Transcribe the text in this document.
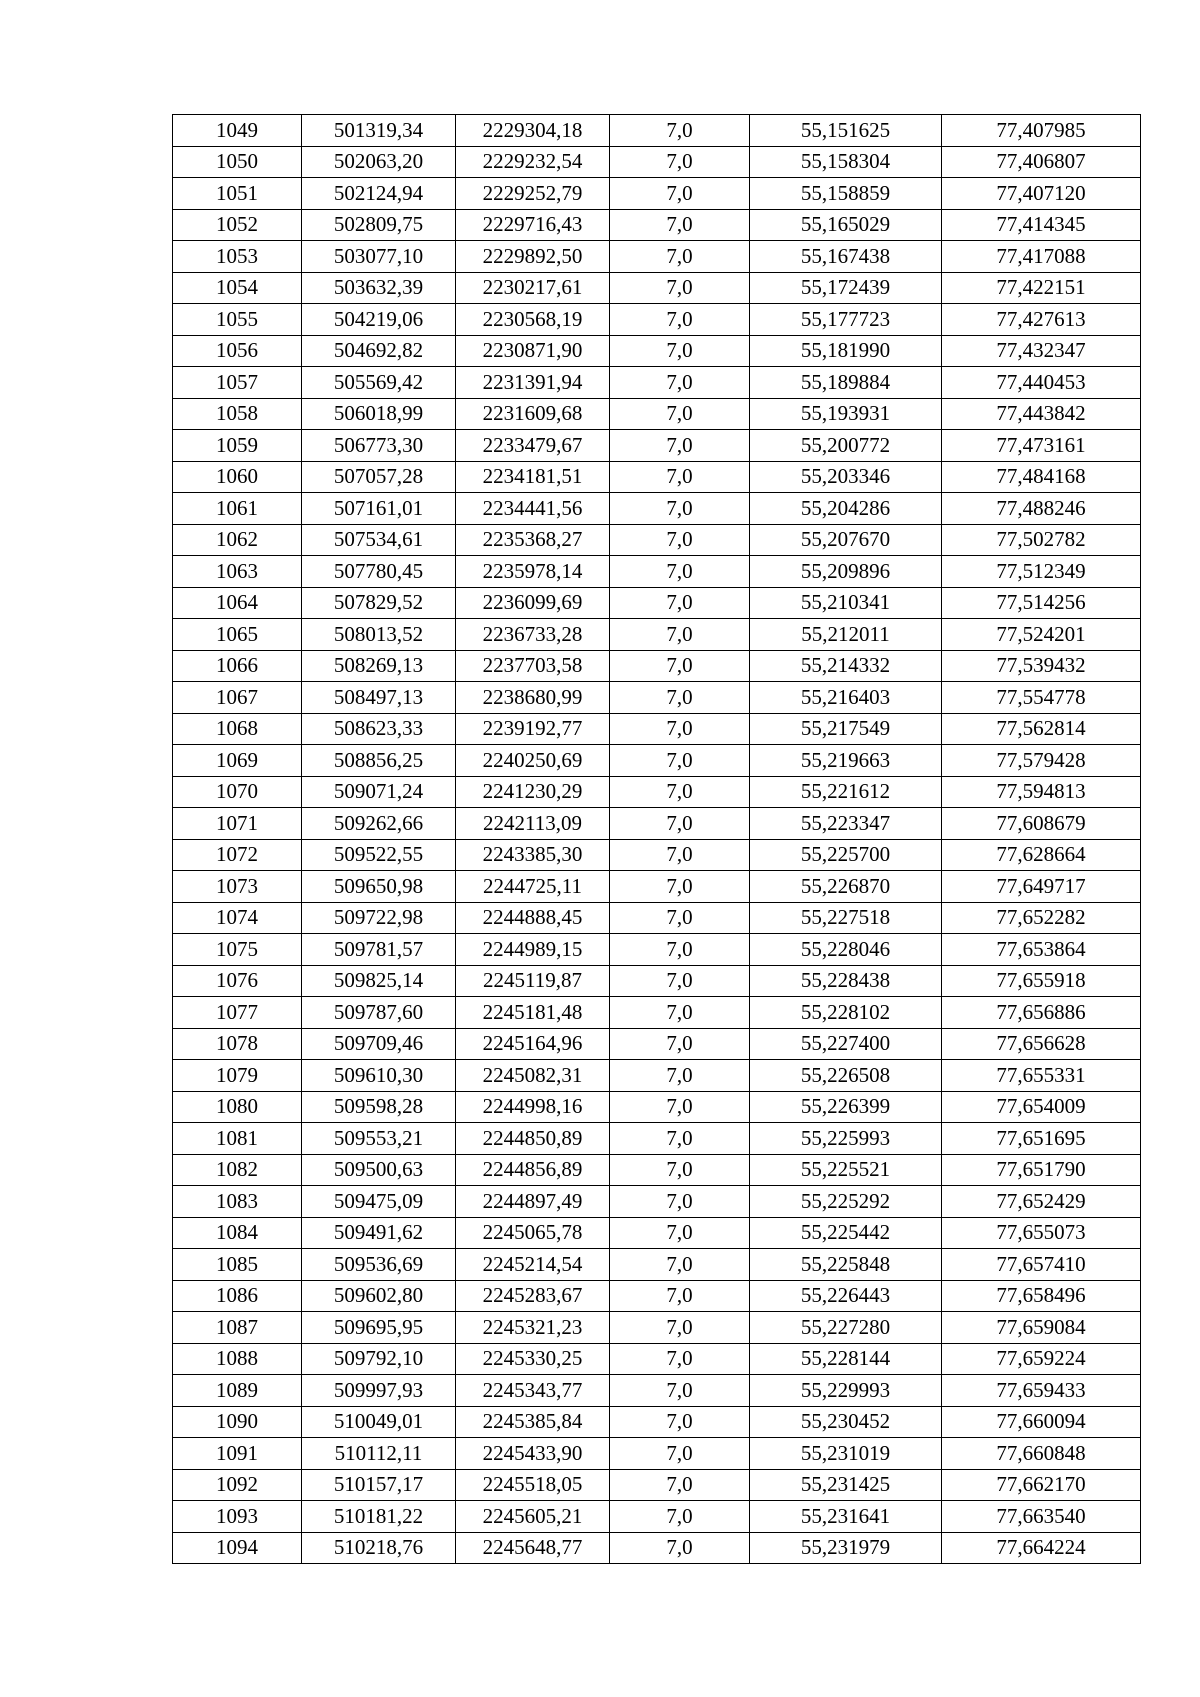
1049	501319,34	2229304,18	7,0	55,151625	77,407985
1050	502063,20	2229232,54	7,0	55,158304	77,406807
1051	502124,94	2229252,79	7,0	55,158859	77,407120
1052	502809,75	2229716,43	7,0	55,165029	77,414345
1053	503077,10	2229892,50	7,0	55,167438	77,417088
1054	503632,39	2230217,61	7,0	55,172439	77,422151
1055	504219,06	2230568,19	7,0	55,177723	77,427613
1056	504692,82	2230871,90	7,0	55,181990	77,432347
1057	505569,42	2231391,94	7,0	55,189884	77,440453
1058	506018,99	2231609,68	7,0	55,193931	77,443842
1059	506773,30	2233479,67	7,0	55,200772	77,473161
1060	507057,28	2234181,51	7,0	55,203346	77,484168
1061	507161,01	2234441,56	7,0	55,204286	77,488246
1062	507534,61	2235368,27	7,0	55,207670	77,502782
1063	507780,45	2235978,14	7,0	55,209896	77,512349
1064	507829,52	2236099,69	7,0	55,210341	77,514256
1065	508013,52	2236733,28	7,0	55,212011	77,524201
1066	508269,13	2237703,58	7,0	55,214332	77,539432
1067	508497,13	2238680,99	7,0	55,216403	77,554778
1068	508623,33	2239192,77	7,0	55,217549	77,562814
1069	508856,25	2240250,69	7,0	55,219663	77,579428
1070	509071,24	2241230,29	7,0	55,221612	77,594813
1071	509262,66	2242113,09	7,0	55,223347	77,608679
1072	509522,55	2243385,30	7,0	55,225700	77,628664
1073	509650,98	2244725,11	7,0	55,226870	77,649717
1074	509722,98	2244888,45	7,0	55,227518	77,652282
1075	509781,57	2244989,15	7,0	55,228046	77,653864
1076	509825,14	2245119,87	7,0	55,228438	77,655918
1077	509787,60	2245181,48	7,0	55,228102	77,656886
1078	509709,46	2245164,96	7,0	55,227400	77,656628
1079	509610,30	2245082,31	7,0	55,226508	77,655331
1080	509598,28	2244998,16	7,0	55,226399	77,654009
1081	509553,21	2244850,89	7,0	55,225993	77,651695
1082	509500,63	2244856,89	7,0	55,225521	77,651790
1083	509475,09	2244897,49	7,0	55,225292	77,652429
1084	509491,62	2245065,78	7,0	55,225442	77,655073
1085	509536,69	2245214,54	7,0	55,225848	77,657410
1086	509602,80	2245283,67	7,0	55,226443	77,658496
1087	509695,95	2245321,23	7,0	55,227280	77,659084
1088	509792,10	2245330,25	7,0	55,228144	77,659224
1089	509997,93	2245343,77	7,0	55,229993	77,659433
1090	510049,01	2245385,84	7,0	55,230452	77,660094
1091	510112,11	2245433,90	7,0	55,231019	77,660848
1092	510157,17	2245518,05	7,0	55,231425	77,662170
1093	510181,22	2245605,21	7,0	55,231641	77,663540
1094	510218,76	2245648,77	7,0	55,231979	77,664224
